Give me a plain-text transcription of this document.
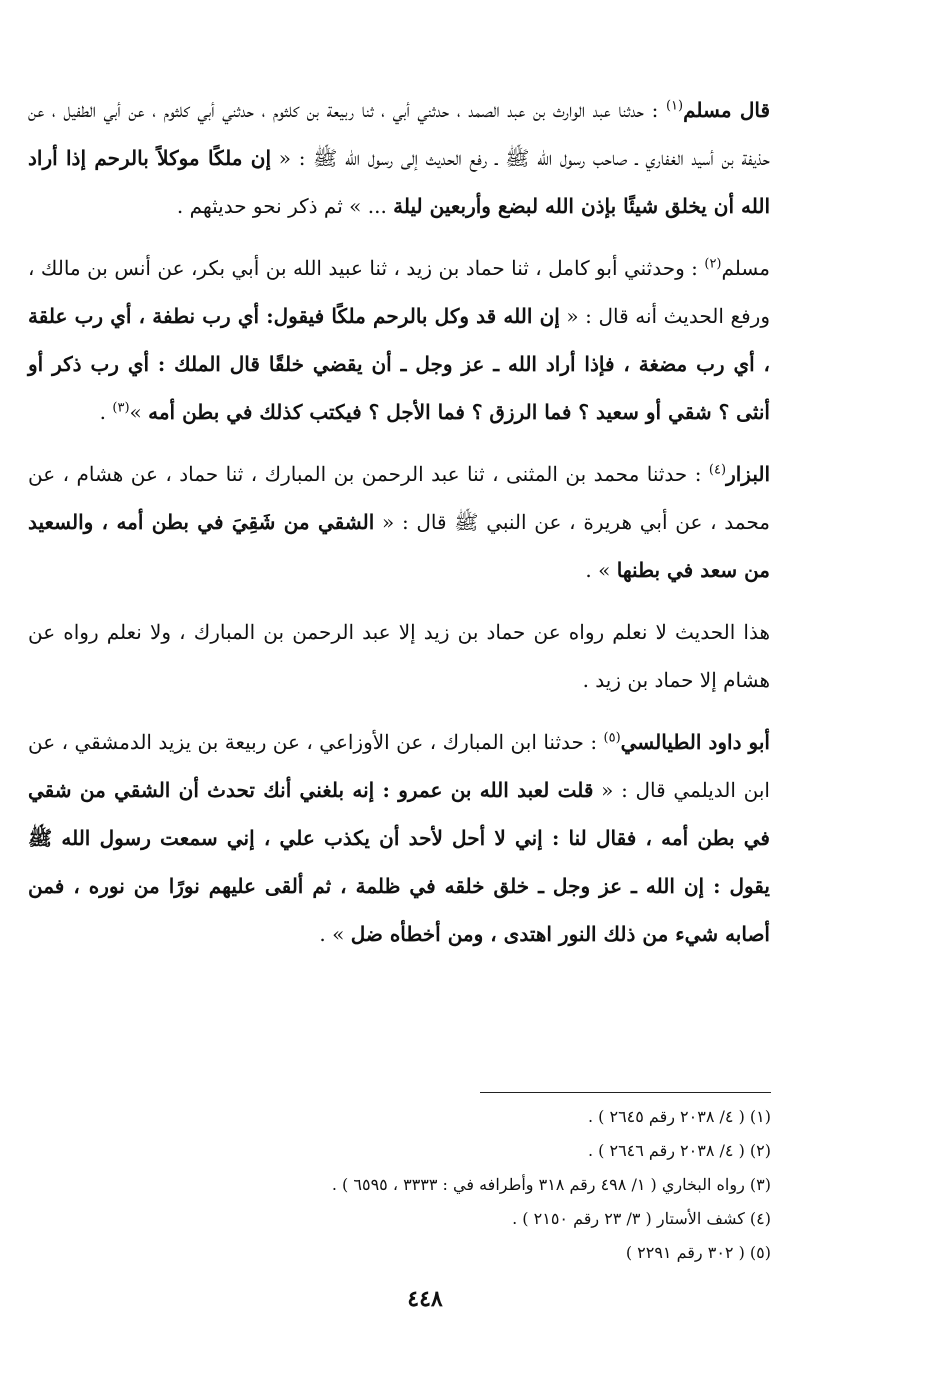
قال مسلم$^{(١)}$ : حدثنا عبد الوارث بن عبد الصمد ، حدثني أبي ، ثنا ربيعة بن كلثوم ، حدثني أبي كلثوم ، عن أبي الطفيل ، عن حذيفة بن أسيد الغفاري ـ صاحب رسول الله ﷺ ـ رفع الحديث إلى رسول الله ﷺ : « إن ملكًا موكلاً بالرحم إذا أراد الله أن يخلق شيئًا بإذن الله لبضع وأربعين ليلة ... » ثم ذكر نحو حديثهم .

مسلم$^{(٢)}$ : وحدثني أبو كامل ، ثنا حماد بن زيد ، ثنا عبيد الله بن أبي بكر، عن أنس بن مالك ، ورفع الحديث أنه قال : « إن الله قد وكل بالرحم ملكًا فيقول: أي رب نطفة ، أي رب علقة ، أي رب مضغة ، فإذا أراد الله ـ عز وجل ـ أن يقضي خلقًا قال الملك : أي رب ذكر أو أنثى ؟ شقي أو سعيد ؟ فما الرزق ؟ فما الأجل ؟ فيكتب كذلك في بطن أمه »$^{(٣)}$ .

البزار$^{(٤)}$ : حدثنا محمد بن المثنى ، ثنا عبد الرحمن بن المبارك ، ثنا حماد ، عن هشام ، عن محمد ، عن أبي هريرة ، عن النبي ﷺ قال : « الشقي من شَقِيَ في بطن أمه ، والسعيد من سعد في بطنها » .

هذا الحديث لا نعلم رواه عن حماد بن زيد إلا عبد الرحمن بن المبارك ، ولا نعلم رواه عن هشام إلا حماد بن زيد .

أبو داود الطيالسي$^{(٥)}$ : حدثنا ابن المبارك ، عن الأوزاعي ، عن ربيعة بن يزيد الدمشقي ، عن ابن الديلمي قال : « قلت لعبد الله بن عمرو : إنه بلغني أنك تحدث أن الشقي من شقي في بطن أمه ، فقال لنا : إني لا أحل لأحد أن يكذب علي ، إني سمعت رسول الله ﷺ يقول : إن الله ـ عز وجل ـ خلق خلقه في ظلمة ، ثم ألقى عليهم نورًا من نوره ، فمن أصابه شيء من ذلك النور اهتدى ، ومن أخطأه ضل » .

(١) ( ٤/ ٢٠٣٨ رقم ٢٦٤٥ ) .
(٢) ( ٤/ ٢٠٣٨ رقم ٢٦٤٦ ) .
(٣) رواه البخاري ( ١/ ٤٩٨ رقم ٣١٨ وأطرافه في : ٣٣٣٣ ، ٦٥٩٥ ) .
(٤) كشف الأستار ( ٣/ ٢٣ رقم ٢١٥٠ ) .
(٥) ( ٣٠٢ رقم ٢٢٩١ )
٤٤٨
